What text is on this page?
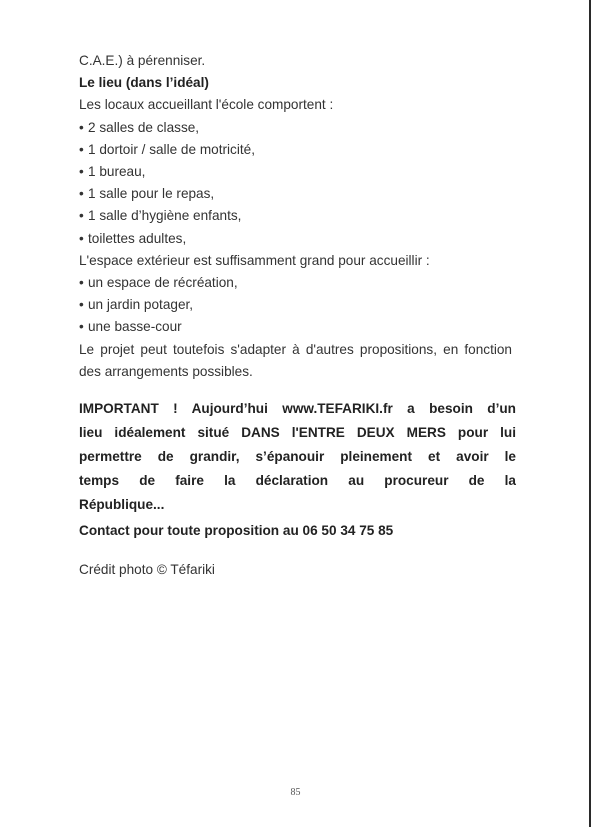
C.A.E.) à pérenniser.
Le lieu (dans l’idéal)
Les locaux accueillant l'école comportent :
• 2 salles de classe,
• 1 dortoir / salle de motricité,
• 1 bureau,
• 1 salle pour le repas,
• 1 salle d’hygiène enfants,
• toilettes adultes,
L'espace extérieur est suffisamment grand pour accueillir :
• un espace de récréation,
• un jardin potager,
• une basse-cour
Le projet peut toutefois s'adapter à d'autres propositions, en fonction des arrangements possibles.
IMPORTANT ! Aujourd’hui www.TEFARIKI.fr a besoin d’un
lieu idéalement situé DANS l'ENTRE DEUX MERS pour lui
permettre de grandir, s’épanouir pleinement et avoir le
temps de faire la déclaration au procureur de la
République...
Contact pour toute proposition au 06 50 34 75 85
Crédit photo © Téfariki
85
